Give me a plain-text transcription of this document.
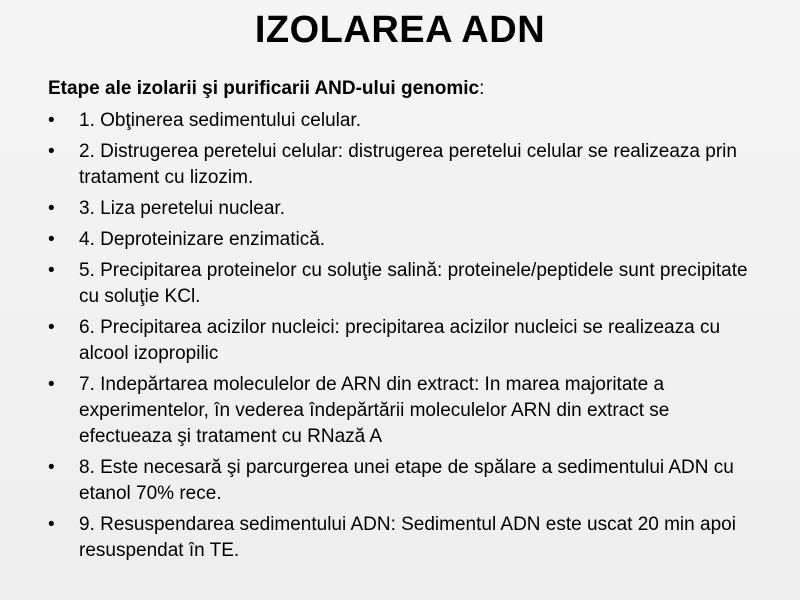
IZOLAREA ADN
Etape ale izolarii şi purificarii AND-ului genomic:
• 1. Obţinerea sedimentului celular.
• 2. Distrugerea peretelui celular: distrugerea peretelui celular se realizeaza prin tratament cu lizozim.
• 3. Liza peretelui nuclear.
• 4. Deproteinizare enzimatică.
• 5. Precipitarea proteinelor cu soluţie salină: proteinele/peptidele sunt precipitate cu soluţie KCl.
• 6. Precipitarea acizilor nucleici: precipitarea acizilor nucleici se realizeaza cu alcool izopropilic
• 7. Indepărtarea moleculelor de ARN din extract: In marea majoritate a experimentelor, în vederea îndepărtării moleculelor ARN din extract se efectueaza şi tratament cu RNază A
• 8. Este necesară şi parcurgerea unei etape de spălare a sedimentului ADN cu etanol 70% rece.
• 9. Resuspendarea sedimentului ADN: Sedimentul ADN este uscat 20 min apoi resuspendat în TE.
